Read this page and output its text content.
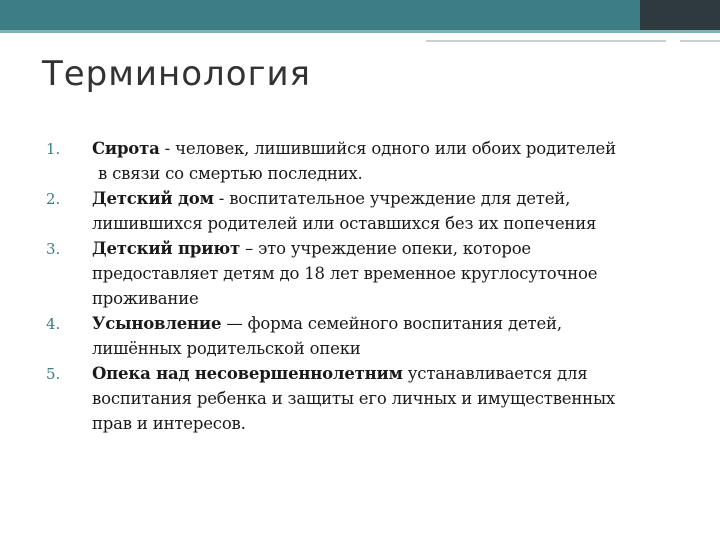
Терминология
1.	Сирота - человек, лишившийся одного или обоих родителей
в связи со смертью последних.
2.	Детский дом - воспитательное учреждение для детей,
лишившихся родителей или оставшихся без их попечения
3.	Детский приют – это учреждение опеки, которое
предоставляет детям до 18 лет временное круглосуточное
проживание
4.	Усыновление — форма семейного воспитания детей,
лишённых родительской опеки
5.	Опека над несовершеннолетним устанавливается для
воспитания ребенка и защиты его личных и имущественных
прав и интересов.
